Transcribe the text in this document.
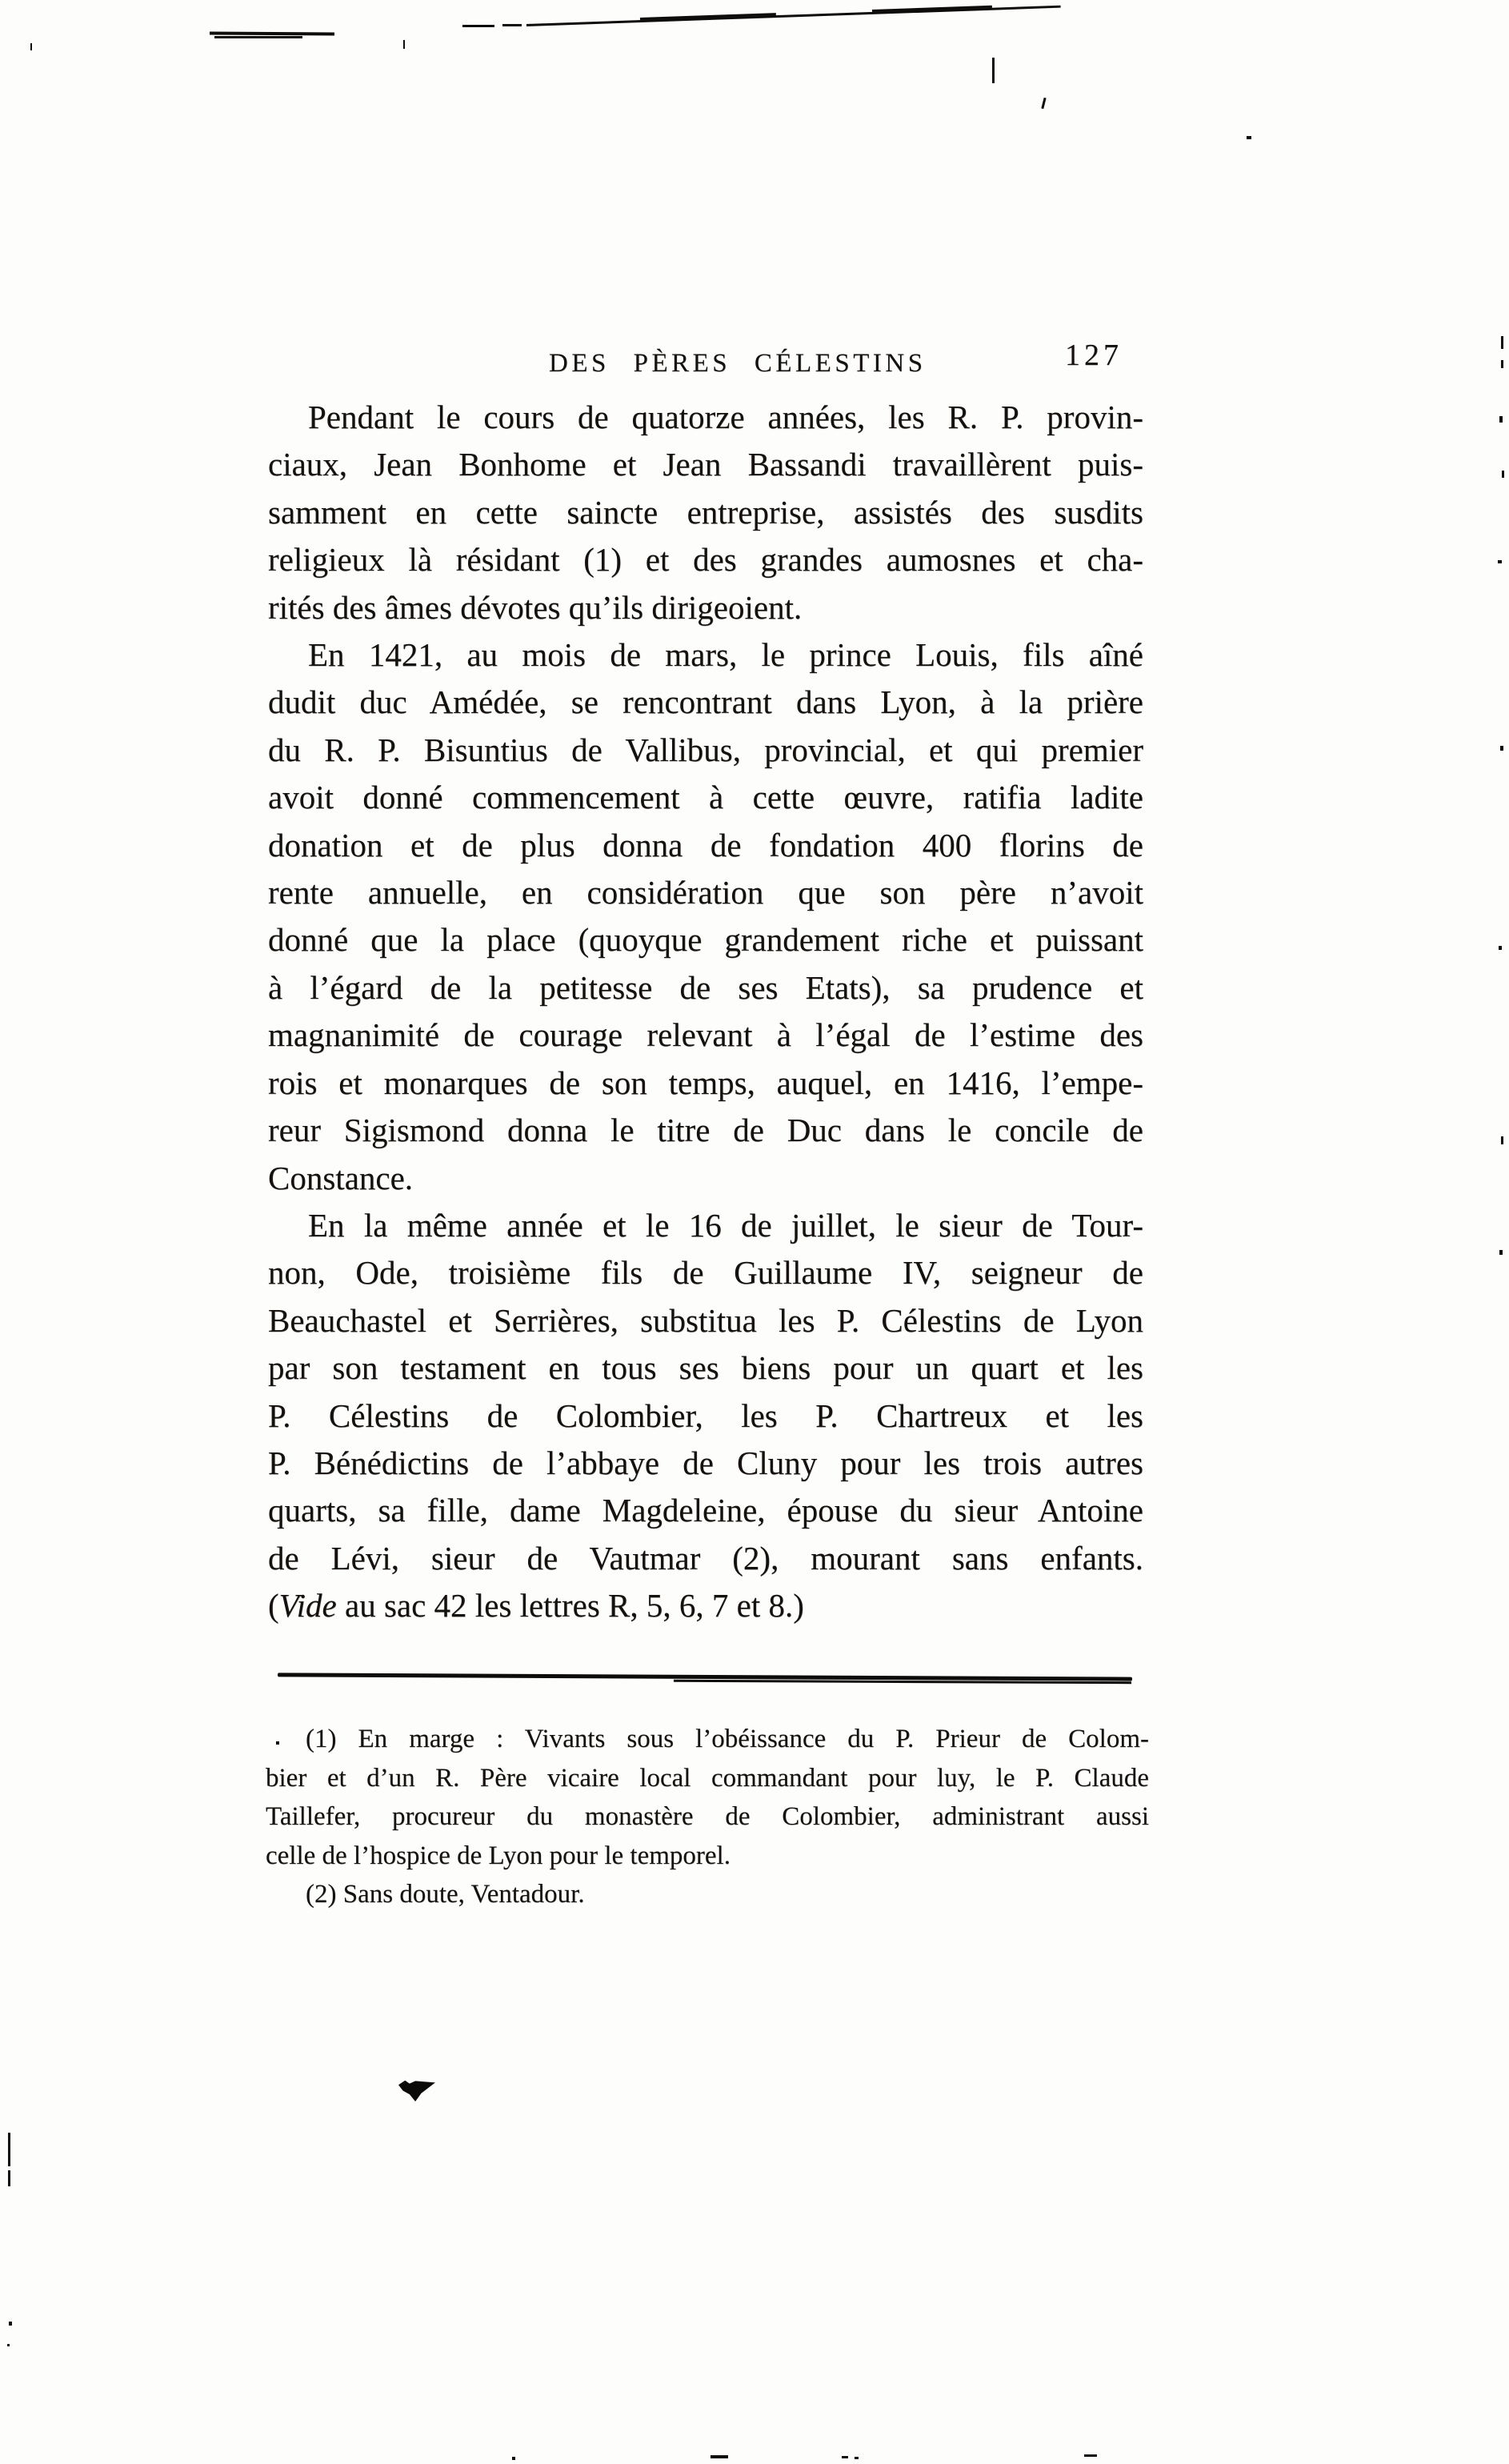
DES PÈRES CÉLESTINS	127
Pendant le cours de quatorze années, les R. P. provin-
ciaux, Jean Bonhome et Jean Bassandi travaillèrent puis-
samment en cette saincte entreprise, assistés des susdits
religieux là résidant (1) et des grandes aumosnes et cha-
rités des âmes dévotes qu’ils dirigeoient.
En 1421, au mois de mars, le prince Louis, fils aîné
dudit duc Amédée, se rencontrant dans Lyon, à la prière
du R. P. Bisuntius de Vallibus, provincial, et qui premier
avoit donné commencement à cette œuvre, ratifia ladite
donation et de plus donna de fondation 400 florins de
rente annuelle, en considération que son père n’avoit
donné que la place (quoyque grandement riche et puissant
à l’égard de la petitesse de ses Etats), sa prudence et
magnanimité de courage relevant à l’égal de l’estime des
rois et monarques de son temps, auquel, en 1416, l’empe-
reur Sigismond donna le titre de Duc dans le concile de
Constance.
En la même année et le 16 de juillet, le sieur de Tour-
non, Ode, troisième fils de Guillaume IV, seigneur de
Beauchastel et Serrières, substitua les P. Célestins de Lyon
par son testament en tous ses biens pour un quart et les
P. Célestins de Colombier, les P. Chartreux et les
P. Bénédictins de l’abbaye de Cluny pour les trois autres
quarts, sa fille, dame Magdeleine, épouse du sieur Antoine
de Lévi, sieur de Vautmar (2), mourant sans enfants.
(Vide au sac 42 les lettres R, 5, 6, 7 et 8.)
(1) En marge : Vivants sous l’obéissance du P. Prieur de Colom-
bier et d’un R. Père vicaire local commandant pour luy, le P. Claude
Taillefer, procureur du monastère de Colombier, administrant aussi
celle de l’hospice de Lyon pour le temporel.
(2) Sans doute, Ventadour.
